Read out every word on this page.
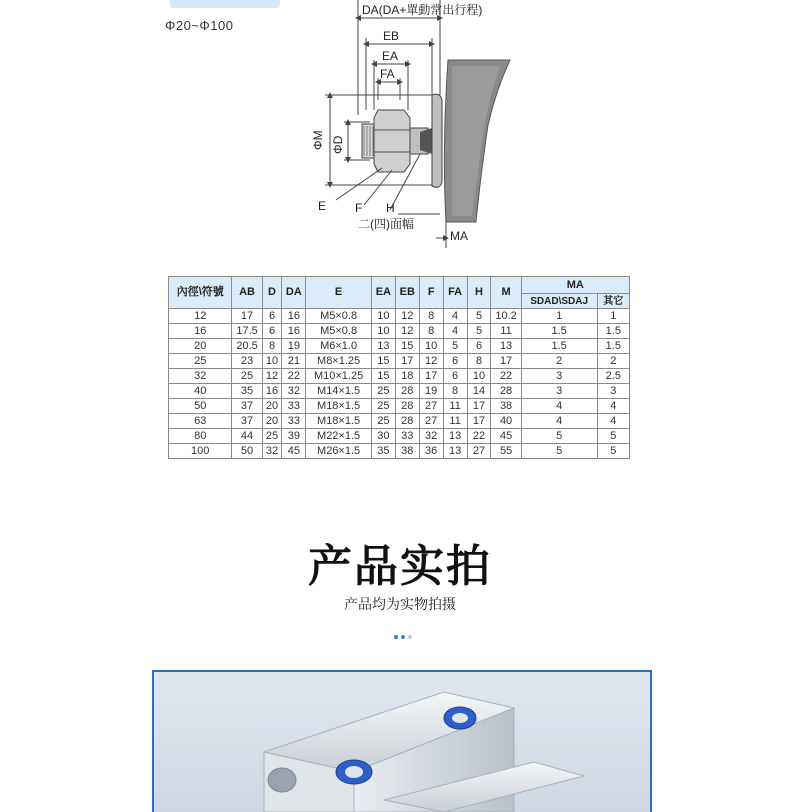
Φ20~Φ100
DA(DA+單動常出行程)
EB
EA
FA
ΦM ΦD
E F H
二(四)面幅
MA
內徑\符號	AB	D	DA	E	EA	EB	F	FA	H	M	MA	
											SDAD\SDAJ	其它
12	17	6	16	M5×0.8	10	12	8	4	5	10.2	1	1
16	17.5	6	16	M5×0.8	10	12	8	4	5	11	1.5	1.5
20	20.5	8	19	M6×1.0	13	15	10	5	6	13	1.5	1.5
25	23	10	21	M8×1.25	15	17	12	6	8	17	2	2
32	25	12	22	M10×1.25	15	18	17	6	10	22	3	2.5
40	35	16	32	M14×1.5	25	28	19	8	14	28	3	3
50	37	20	33	M18×1.5	25	28	27	11	17	38	4	4
63	37	20	33	M18×1.5	25	28	27	11	17	40	4	4
80	44	25	39	M22×1.5	30	33	32	13	22	45	5	5
100	50	32	45	M26×1.5	35	38	36	13	27	55	5	5
产品实拍
产品均为实物拍摄
